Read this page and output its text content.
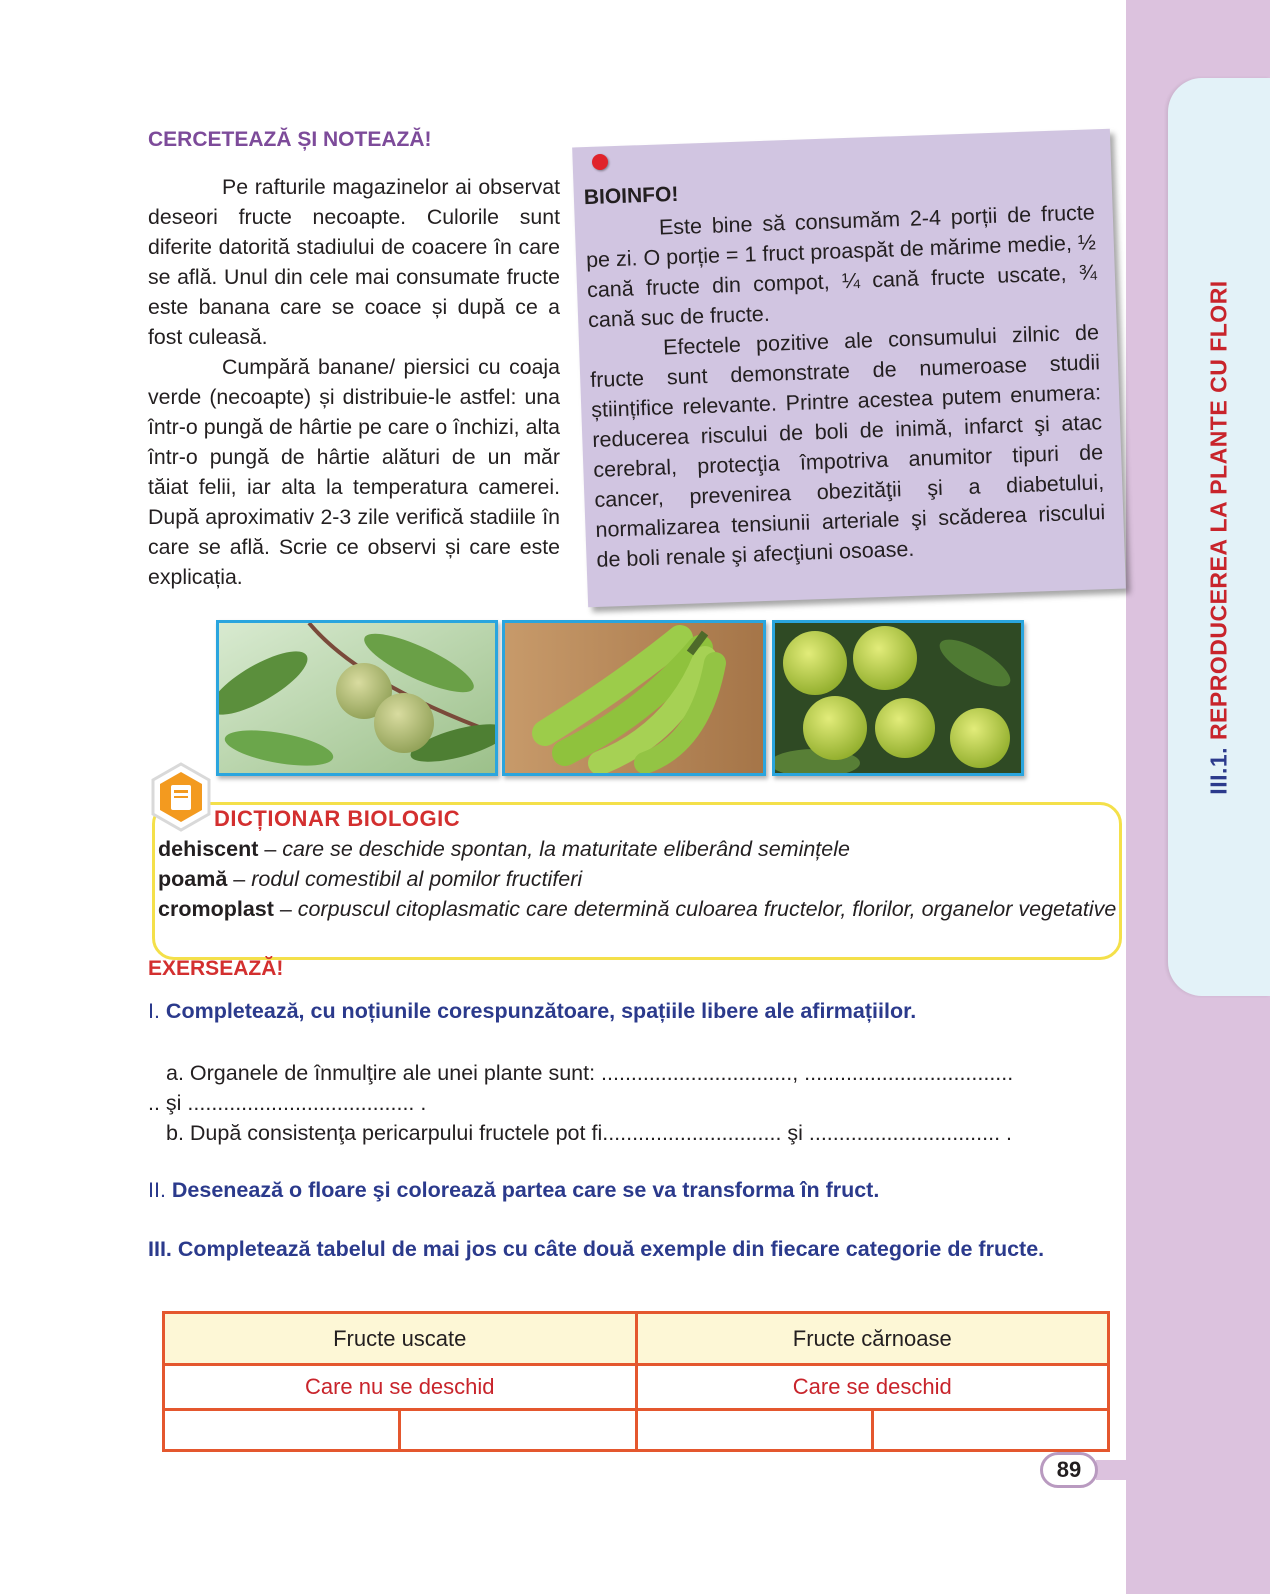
III.1. REPRODUCEREA LA PLANTE CU FLORI
CERCETEAZĂ ȘI NOTEAZĂ!

Pe rafturile magazinelor ai observat deseori fructe necoapte. Culorile sunt diferite datorită stadiului de coacere în care se află. Unul din cele mai consumate fructe este banana care se coace și după ce a fost culeasă.

Cumpără banane/ piersici cu coaja verde (necoapte) și distribuie-le astfel: una într-o pungă de hârtie pe care o închizi, alta într-o pungă de hârtie alături de un măr tăiat felii, iar alta la temperatura camerei. După aproximativ 2-3 zile verifică stadiile în care se află. Scrie ce observi și care este explicația.

BIOINFO!

Este bine să consumăm 2-4 porții de fructe pe zi. O porție = 1 fruct proaspăt de mărime medie, ½ cană fructe din compot, ¼ cană fructe uscate, ¾ cană suc de fructe.

Efectele pozitive ale consumului zilnic de fructe sunt demonstrate de numeroase studii științifice relevante. Printre acestea putem enumera: reducerea riscului de boli de inimă, infarct şi atac cerebral, protecţia împotriva anumitor tipuri de cancer, prevenirea obezităţii şi a diabetului, normalizarea tensiunii arteriale şi scăderea riscului de boli renale şi afecţiuni osoase.

DICȚIONAR BIOLOGIC
dehiscent – care se deschide spontan, la maturitate eliberând semințele
poamă – rodul comestibil al pomilor fructiferi
cromoplast – corpuscul citoplasmatic care determină culoarea fructelor, florilor, organelor vegetative
EXERSEAZĂ!
I. Completează, cu noțiunile corespunzătoare, spațiile libere ale afirmațiilor.
a. Organele de înmulţire ale unei plante sunt: ................................, ...................................
.. şi ...................................... .
b. După consistenţa pericarpului fructele pot fi.............................. şi ................................ .
II. Desenează o floare şi colorează partea care se va transforma în fruct.
III. Completează tabelul de mai jos cu câte două exemple din fiecare categorie de fructe.
Fructe uscate		Fructe cărnoase	
Care nu se deschid		Care se deschid	

89
